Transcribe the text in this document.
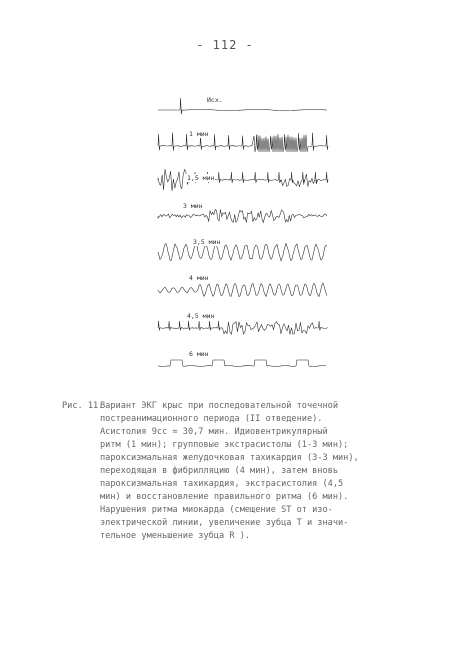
- 112 -
Исх.
1 мин
1,5 мин
3 мин
3,5 мин
4 мин
4,5 мин
6 мин
Рис. 11.
Вариант ЭКГ крыс при последовательной точечной
постреанимационного периода (II отведение).
Асистолия 9сс = 30,7 мин. Идиовентрикулярный
ритм (1 мин); групповые экстрасистолы (1-3 мин);
пароксизмальная желудочковая тахикардия (3-3 мин),
переходящая в фибрилляцию (4 мин), затем вновь
пароксизмальная тахикардия, экстрасистолия (4,5
мин) и восстановление правильного ритма (6 мин).
Нарушения ритма миокарда (смещение ST от изо-
электрической линии, увеличение зубца Т и значи-
тельное уменьшение зубца R ).
